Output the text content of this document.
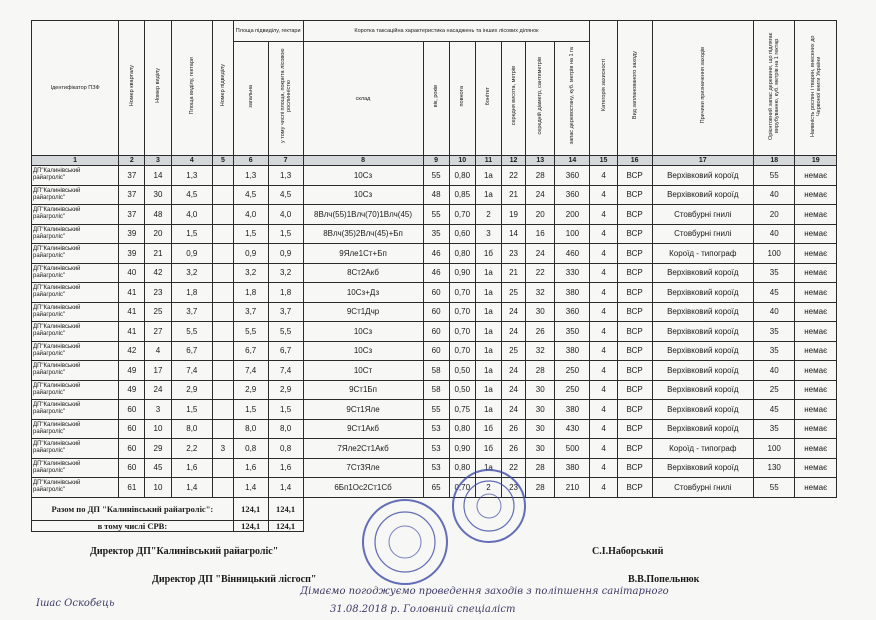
Ідентифікатор ПЗФ	Номер кварталу	Номер виділу	Площа виділу, гектари	Номер підвиділу	Площа підвиділу, гектари		Коротка таксаційна характеристика насаджень та інших лісових ділянок							Категорія захисності	Вид запланованого заходу	Причини призначення заходів	Орієнтовний запас деревини, що підлягає вирубуванню, куб. метрів на 1 гектар	Наявність рослин і тварин, внесених до Червоної книги України
					загальна	у тому числі площа, покрита лісовою рослинністю	склад	вік, років	повнота	бонітет	середня висота, метрів	середній діаметр, сантиметрів	запас деревостану, куб. метрів на 1 га					
1	2	3	4	5	6	7	8	9	10	11	12	13	14	15	16	17	18	19

ДП"Калинівський
райагроліс"	37	14	1,3		1,3	1,3	10Сз	55	0,80	1а	22	28	360	4	ВСР	Верхівковий короїд	55	немає

ДП"Калинівський
райагроліс"	37	30	4,5		4,5	4,5	10Сз	48	0,85	1а	21	24	360	4	ВСР	Верхівковий короїд	40	немає

ДП"Калинівський
райагроліс"	37	48	4,0		4,0	4,0	8Влч(55)1Влч(70)1Влч(45)	55	0,70	2	19	20	200	4	ВСР	Стовбурні гнилі	20	немає

ДП"Калинівський
райагроліс"	39	20	1,5		1,5	1,5	8Влч(35)2Влч(45)+Бп	35	0,60	3	14	16	100	4	ВСР	Стовбурні гнилі	40	немає

ДП"Калинівський
райагроліс"	39	21	0,9		0,9	0,9	9Яле1Ст+Бп	46	0,80	1б	23	24	460	4	ВСР	Короїд - типограф	100	немає

ДП"Калинівський
райагроліс"	40	42	3,2		3,2	3,2	8Ст2Акб	46	0,90	1а	21	22	330	4	ВСР	Верхівковий короїд	35	немає

ДП"Калинівський
райагроліс"	41	23	1,8		1,8	1,8	10Сз+Дз	60	0,70	1а	25	32	380	4	ВСР	Верхівковий короїд	45	немає

ДП"Калинівський
райагроліс"	41	25	3,7		3,7	3,7	9Ст1Дчр	60	0,70	1а	24	30	360	4	ВСР	Верхівковий короїд	40	немає

ДП"Калинівський
райагроліс"	41	27	5,5		5,5	5,5	10Сз	60	0,70	1а	24	26	350	4	ВСР	Верхівковий короїд	35	немає

ДП"Калинівський
райагроліс"	42	4	6,7		6,7	6,7	10Сз	60	0,70	1а	25	32	380	4	ВСР	Верхівковий короїд	35	немає

ДП"Калинівський
райагроліс"	49	17	7,4		7,4	7,4	10Ст	58	0,50	1а	24	28	250	4	ВСР	Верхівковий короїд	40	немає

ДП"Калинівський
райагроліс"	49	24	2,9		2,9	2,9	9Ст1Бп	58	0,50	1а	24	30	250	4	ВСР	Верхівковий короїд	25	немає

ДП"Калинівський
райагроліс"	60	3	1,5		1,5	1,5	9Ст1Яле	55	0,75	1а	24	30	380	4	ВСР	Верхівковий короїд	45	немає

ДП"Калинівський
райагроліс"	60	10	8,0		8,0	8,0	9Ст1Акб	53	0,80	1б	26	30	430	4	ВСР	Верхівковий короїд	35	немає

ДП"Калинівський
райагроліс"	60	29	2,2	3	0,8	0,8	7Яле2Ст1Акб	53	0,90	1б	26	30	500	4	ВСР	Короїд - типограф	100	немає

ДП"Калинівський
райагроліс"	60	45	1,6		1,6	1,6	7Ст3Яле	53	0,80	1а	22	28	380	4	ВСР	Верхівковий короїд	130	немає

ДП"Калинівський
райагроліс"	61	10	1,4		1,4	1,4	6Бп1Ос2Ст1Сб	65	0,70	2	23	28	210	4	ВСР	Стовбурні гнилі	55	немає
Разом по ДП "Калинівський райагроліс":					124,1	124,1												
в тому числі СРВ:					124,1	124,1												
Директор ДП"Калинівський райагроліс"	С.І.Наборський
Директор ДП "Вінницький лісгосп"	В.В.Попельнюк
Ішас Оскобець
Дімаємо погоджуємо проведення заходів з поліпшення санітарного
31.08.2018 р. Головний спеціаліст
